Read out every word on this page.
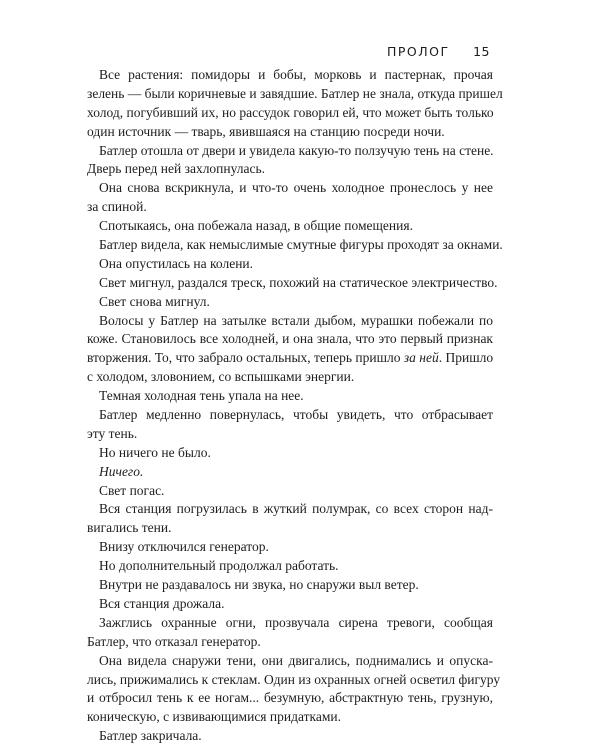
ПРОЛОГ 15
Все растения: помидоры и бобы, морковь и пастернак, прочая
зелень — были коричневые и завядшие. Батлер не знала, откуда пришел
холод, погубивший их, но рассудок говорил ей, что может быть только
один источник — тварь, явившаяся на станцию посреди ночи.
Батлер отошла от двери и увидела какую-то ползучую тень на стене.
Дверь перед ней захлопнулась.
Она снова вскрикнула, и что-то очень холодное пронеслось у нее
за спиной.
Спотыкаясь, она побежала назад, в общие помещения.
Батлер видела, как немыслимые смутные фигуры проходят за окнами.
Она опустилась на колени.
Свет мигнул, раздался треск, похожий на статическое электричество.
Свет снова мигнул.
Волосы у Батлер на затылке встали дыбом, мурашки побежали по
коже. Становилось все холодней, и она знала, что это первый признак
вторжения. То, что забрало остальных, теперь пришло за ней. Пришло
с холодом, зловонием, со вспышками энергии.
Темная холодная тень упала на нее.
Батлер медленно повернулась, чтобы увидеть, что отбрасывает
эту тень.
Но ничего не было.
Ничего.
Свет погас.
Вся станция погрузилась в жуткий полумрак, со всех сторон над-
вигались тени.
Внизу отключился генератор.
Но дополнительный продолжал работать.
Внутри не раздавалось ни звука, но снаружи выл ветер.
Вся станция дрожала.
Зажглись охранные огни, прозвучала сирена тревоги, сообщая
Батлер, что отказал генератор.
Она видела снаружи тени, они двигались, поднимались и опуска-
лись, прижимались к стеклам. Один из охранных огней осветил фигуру
и отбросил тень к ее ногам... безумную, абстрактную тень, грузную,
коническую, с извивающимися придатками.
Батлер закричала.
